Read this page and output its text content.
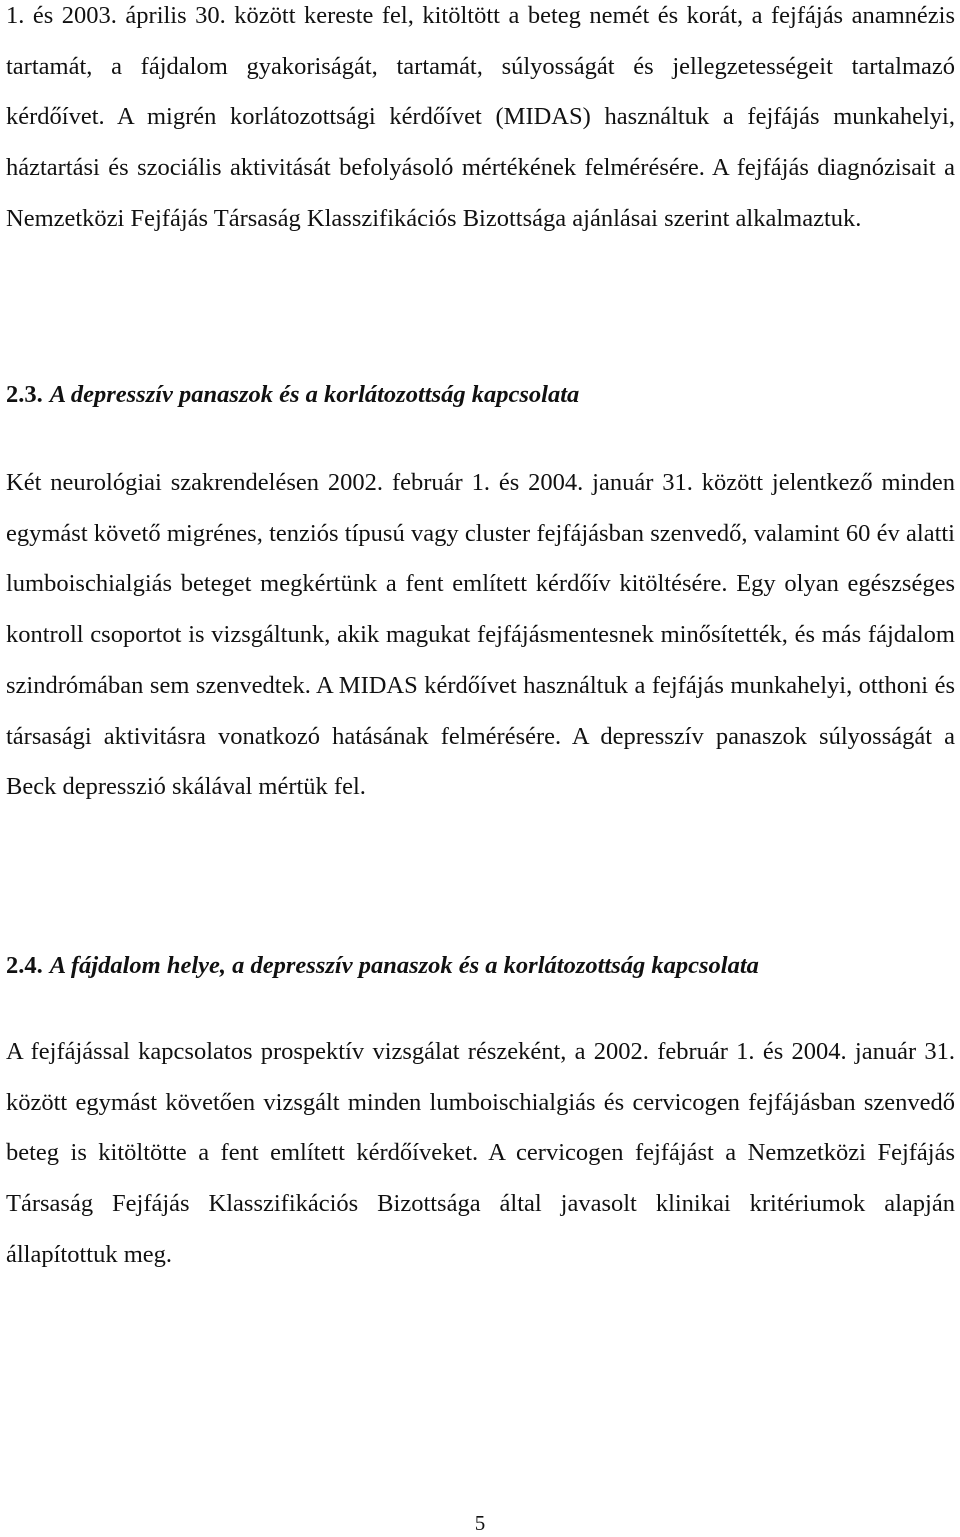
1. és 2003. április 30. között kereste fel, kitöltött a beteg nemét és korát, a fejfájás anamnézis tartamát, a fájdalom gyakoriságát, tartamát, súlyosságát és jellegzetességeit tartalmazó kérdőívet. A migrén korlátozottsági kérdőívet (MIDAS) használtuk a fejfájás munkahelyi, háztartási és szociális aktivitását befolyásoló mértékének felmérésére. A fejfájás diagnózisait a Nemzetközi Fejfájás Társaság Klasszifikációs Bizottsága ajánlásai szerint alkalmaztuk.

2.3. A depresszív panaszok és a korlátozottság kapcsolata

Két neurológiai szakrendelésen 2002. február 1. és 2004. január 31. között jelentkező minden egymást követő migrénes, tenziós típusú vagy cluster fejfájásban szenvedő, valamint 60 év alatti lumboischialgiás beteget megkértünk a fent említett kérdőív kitöltésére. Egy olyan egészséges kontroll csoportot is vizsgáltunk, akik magukat fejfájásmentesnek minősítették, és más fájdalom szindrómában sem szenvedtek. A MIDAS kérdőívet használtuk a fejfájás munkahelyi, otthoni és társasági aktivitásra vonatkozó hatásának felmérésére. A depresszív panaszok súlyosságát a Beck depresszió skálával mértük fel.

2.4. A fájdalom helye, a depresszív panaszok és a korlátozottság kapcsolata

A fejfájással kapcsolatos prospektív vizsgálat részeként, a 2002. február 1. és 2004. január 31. között egymást követően vizsgált minden lumboischialgiás és cervicogen fejfájásban szenvedő beteg is kitöltötte a fent említett kérdőíveket. A cervicogen fejfájást a Nemzetközi Fejfájás Társaság Fejfájás Klasszifikációs Bizottsága által javasolt klinikai kritériumok alapján állapítottuk meg.

5
